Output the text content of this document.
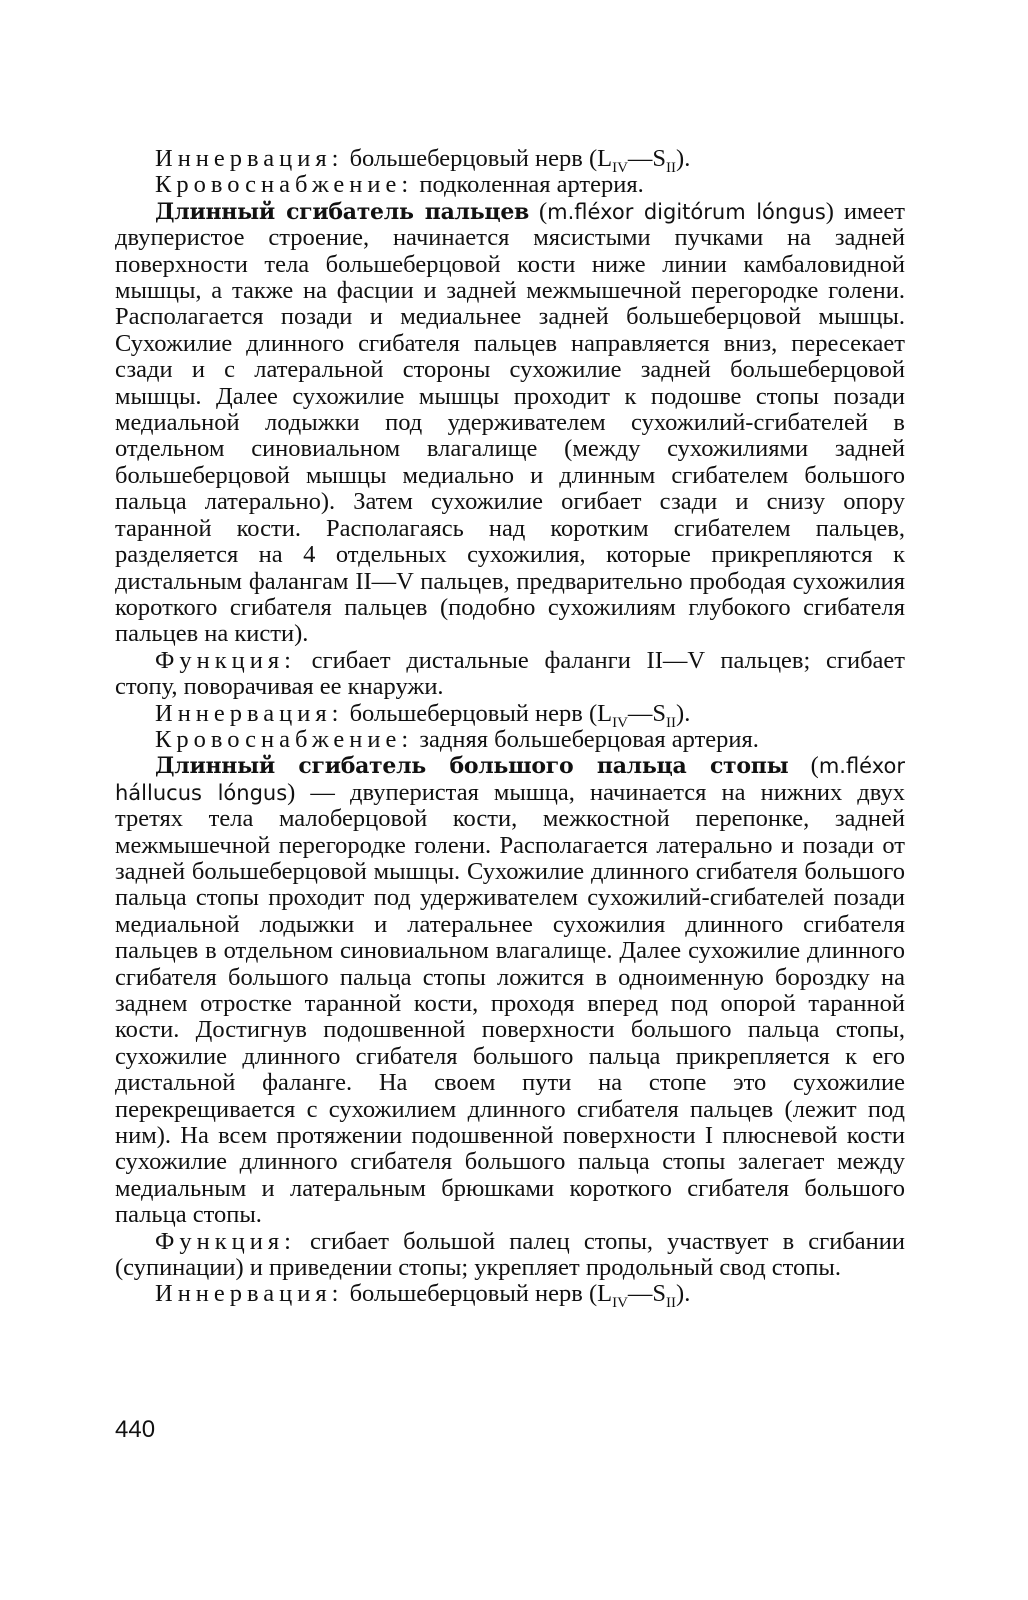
Иннервация: большеберцовый нерв $(L_{IV}—S_{II})$.

Кровоснабжение: подколенная артерия.

Длинный сгибатель пальцев (m.fléxor digitórum lóngus) имеет двуперистое строение, начинается мясистыми пучками на задней поверхности тела большеберцовой кости ниже линии камбаловидной мышцы, а также на фасции и задней межмышечной перегородке голени. Располагается позади и медиальнее задней большеберцовой мышцы. Сухожилие длинного сгибателя пальцев направляется вниз, пересекает сзади и с латеральной стороны сухожилие задней большеберцовой мышцы. Далее сухожилие мышцы проходит к подошве стопы позади медиальной лодыжки под удерживателем сухожилий-сгибателей в отдельном синовиальном влагалище (между сухожилиями задней большеберцовой мышцы медиально и длинным сгибателем большого пальца латерально). Затем сухожилие огибает сзади и снизу опору таранной кости. Располагаясь над коротким сгибателем пальцев, разделяется на 4 отдельных сухожилия, которые прикрепляются к дистальным фалангам II—V пальцев, предварительно прободая сухожилия короткого сгибателя пальцев (подобно сухожилиям глубокого сгибателя пальцев на кисти).

Функция: сгибает дистальные фаланги II—V пальцев; сгибает стопу, поворачивая ее кнаружи.

Иннервация: большеберцовый нерв $(L_{IV}—S_{II})$.

Кровоснабжение: задняя большеберцовая артерия.

Длинный сгибатель большого пальца стопы (m.fléxor hállucus lóngus) — двуперистая мышца, начинается на нижних двух третях тела малоберцовой кости, межкостной перепонке, задней межмышечной перегородке голени. Располагается латерально и позади от задней большеберцовой мышцы. Сухожилие длинного сгибателя большого пальца стопы проходит под удерживателем сухожилий-сгибателей позади медиальной лодыжки и латеральнее сухожилия длинного сгибателя пальцев в отдельном синовиальном влагалище. Далее сухожилие длинного сгибателя большого пальца стопы ложится в одноименную бороздку на заднем отростке таранной кости, проходя вперед под опорой таранной кости. Достигнув подошвенной поверхности большого пальца стопы, сухожилие длинного сгибателя большого пальца прикрепляется к его дистальной фаланге. На своем пути на стопе это сухожилие перекрещивается с сухожилием длинного сгибателя пальцев (лежит под ним). На всем протяжении подошвенной поверхности I плюсневой кости сухожилие длинного сгибателя большого пальца стопы залегает между медиальным и латеральным брюшками короткого сгибателя большого пальца стопы.

Функция: сгибает большой палец стопы, участвует в сгибании (супинации) и приведении стопы; укрепляет продольный свод стопы.

Иннервация: большеберцовый нерв $(L_{IV}—S_{II})$.

440
